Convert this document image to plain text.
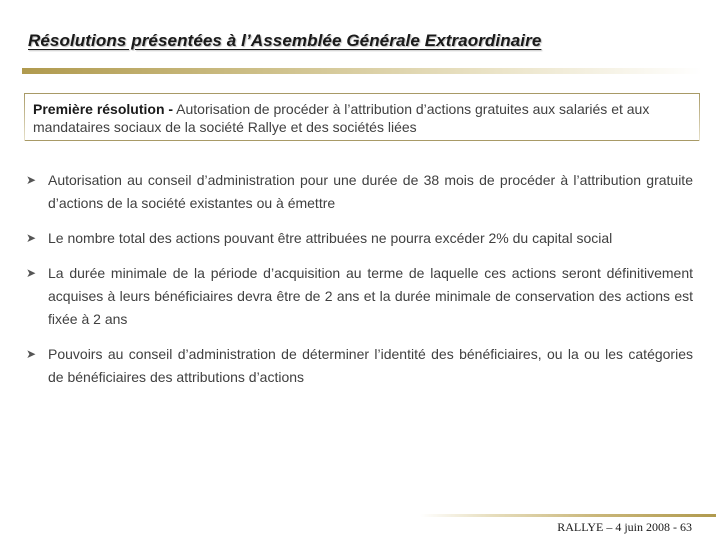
Résolutions présentées à l’Assemblée Générale Extraordinaire
Première résolution - Autorisation de procéder à l’attribution d’actions gratuites aux salariés et aux mandataires sociaux de la société Rallye et des sociétés liées
➤ Autorisation au conseil d’administration pour une durée de 38 mois de procéder à l’attribution gratuite d’actions de la société existantes ou à émettre
➤ Le nombre total des actions pouvant être attribuées ne pourra excéder 2% du capital social
➤ La durée minimale de la période d’acquisition au terme de laquelle ces actions seront définitivement acquises à leurs bénéficiaires devra être de 2 ans et la durée minimale de conservation des actions est fixée à 2 ans
➤ Pouvoirs au conseil d’administration de déterminer l’identité des bénéficiaires, ou la ou les catégories de bénéficiaires des attributions d’actions
RALLYE – 4 juin 2008 - 63
